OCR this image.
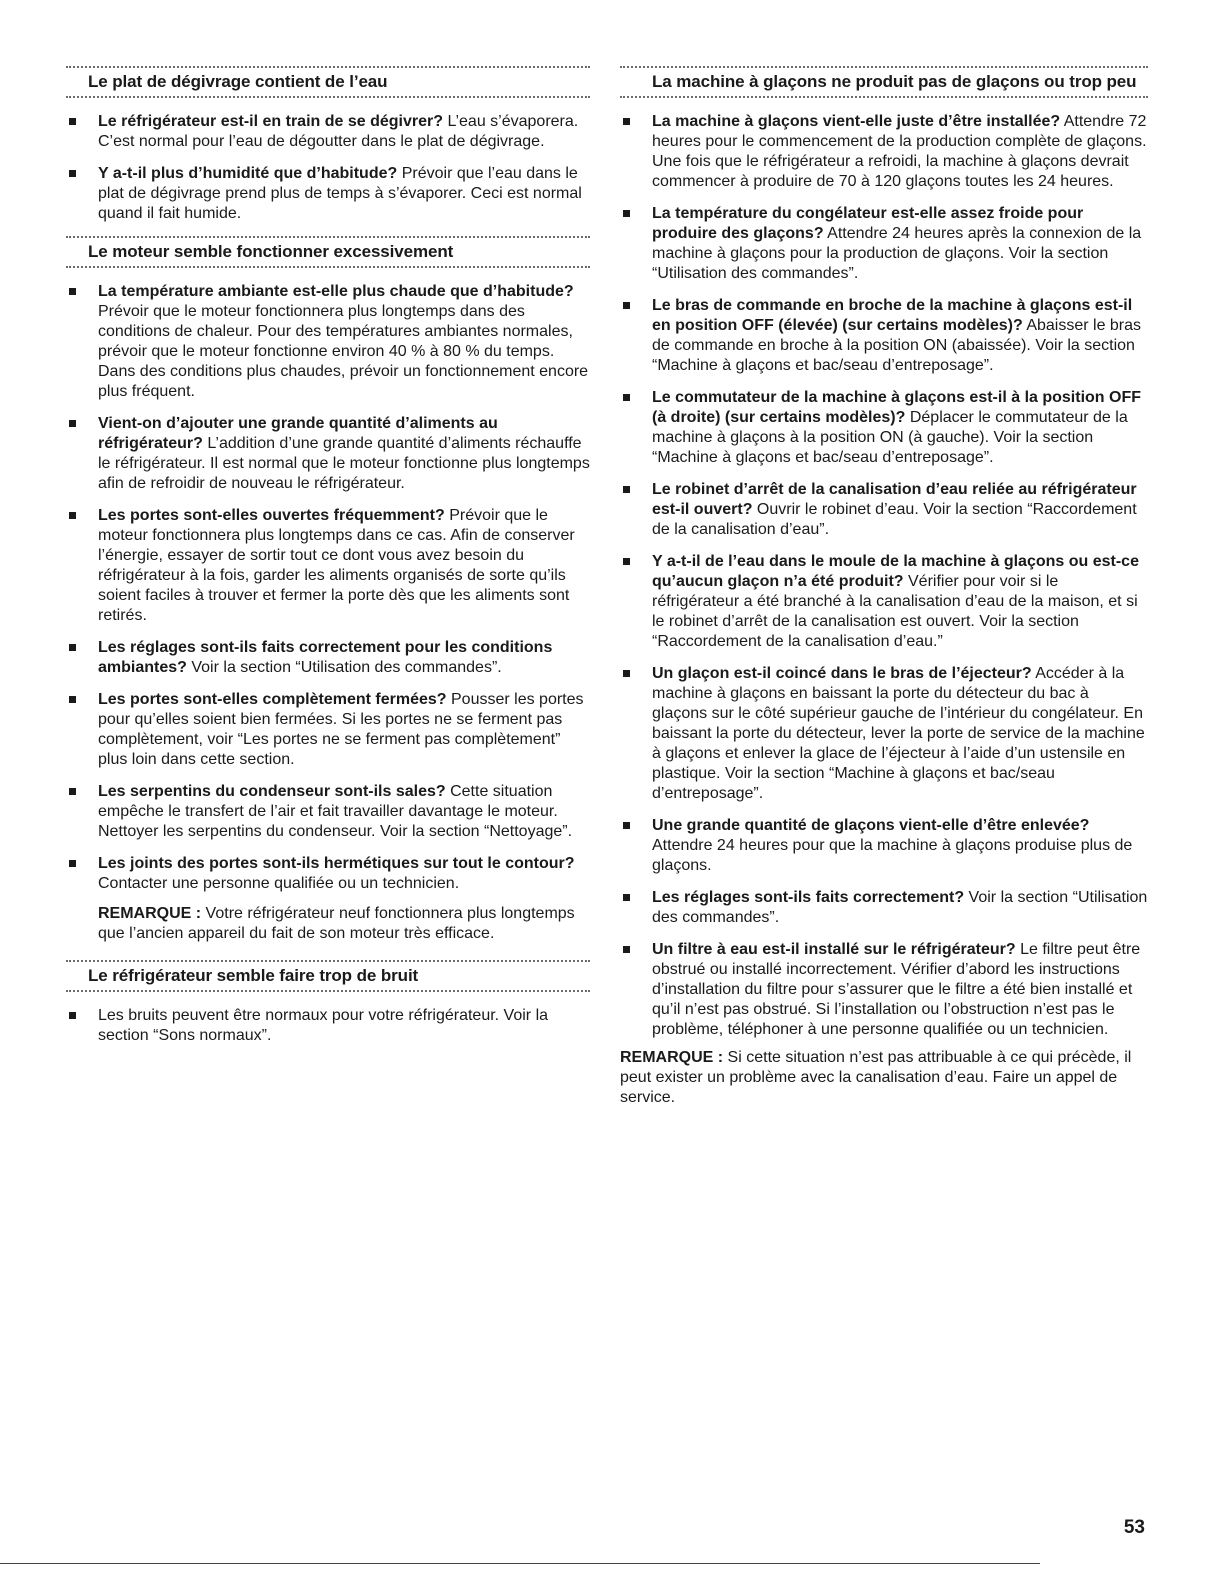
Le plat de dégivrage contient de l’eau
Le réfrigérateur est-il en train de se dégivrer? L’eau s’évaporera. C’est normal pour l’eau de dégoutter dans le plat de dégivrage.
Y a-t-il plus d’humidité que d’habitude? Prévoir que l’eau dans le plat de dégivrage prend plus de temps à s’évaporer. Ceci est normal quand il fait humide.
Le moteur semble fonctionner excessivement
La température ambiante est-elle plus chaude que d’habitude? Prévoir que le moteur fonctionnera plus longtemps dans des conditions de chaleur. Pour des températures ambiantes normales, prévoir que le moteur fonctionne environ 40 % à 80 % du temps. Dans des conditions plus chaudes, prévoir un fonctionnement encore plus fréquent.
Vient-on d’ajouter une grande quantité d’aliments au réfrigérateur? L’addition d’une grande quantité d’aliments réchauffe le réfrigérateur. Il est normal que le moteur fonctionne plus longtemps afin de refroidir de nouveau le réfrigérateur.
Les portes sont-elles ouvertes fréquemment? Prévoir que le moteur fonctionnera plus longtemps dans ce cas. Afin de conserver l’énergie, essayer de sortir tout ce dont vous avez besoin du réfrigérateur à la fois, garder les aliments organisés de sorte qu’ils soient faciles à trouver et fermer la porte dès que les aliments sont retirés.
Les réglages sont-ils faits correctement pour les conditions ambiantes? Voir la section “Utilisation des commandes”.
Les portes sont-elles complètement fermées? Pousser les portes pour qu’elles soient bien fermées. Si les portes ne se ferment pas complètement, voir “Les portes ne se ferment pas complètement” plus loin dans cette section.
Les serpentins du condenseur sont-ils sales? Cette situation empêche le transfert de l’air et fait travailler davantage le moteur. Nettoyer les serpentins du condenseur. Voir la section “Nettoyage”.
Les joints des portes sont-ils hermétiques sur tout le contour? Contacter une personne qualifiée ou un technicien.
REMARQUE : Votre réfrigérateur neuf fonctionnera plus longtemps que l’ancien appareil du fait de son moteur très efficace.
Le réfrigérateur semble faire trop de bruit
Les bruits peuvent être normaux pour votre réfrigérateur. Voir la section “Sons normaux”.
La machine à glaçons ne produit pas de glaçons ou trop peu
La machine à glaçons vient-elle juste d’être installée? Attendre 72 heures pour le commencement de la production complète de glaçons. Une fois que le réfrigérateur a refroidi, la machine à glaçons devrait commencer à produire de 70 à 120 glaçons toutes les 24 heures.
La température du congélateur est-elle assez froide pour produire des glaçons? Attendre 24 heures après la connexion de la machine à glaçons pour la production de glaçons. Voir la section “Utilisation des commandes”.
Le bras de commande en broche de la machine à glaçons est-il en position OFF (élevée) (sur certains modèles)? Abaisser le bras de commande en broche à la position ON (abaissée). Voir la section “Machine à glaçons et bac/seau d’entreposage”.
Le commutateur de la machine à glaçons est-il à la position OFF (à droite) (sur certains modèles)? Déplacer le commutateur de la machine à glaçons à la position ON (à gauche). Voir la section “Machine à glaçons et bac/seau d’entreposage”.
Le robinet d’arrêt de la canalisation d’eau reliée au réfrigérateur est-il ouvert? Ouvrir le robinet d’eau. Voir la section “Raccordement de la canalisation d’eau”.
Y a-t-il de l’eau dans le moule de la machine à glaçons ou est-ce qu’aucun glaçon n’a été produit? Vérifier pour voir si le réfrigérateur a été branché à la canalisation d’eau de la maison, et si le robinet d’arrêt de la canalisation est ouvert. Voir la section “Raccordement de la canalisation d’eau.”
Un glaçon est-il coincé dans le bras de l’éjecteur? Accéder à la machine à glaçons en baissant la porte du détecteur du bac à glaçons sur le côté supérieur gauche de l’intérieur du congélateur. En baissant la porte du détecteur, lever la porte de service de la machine à glaçons et enlever la glace de l’éjecteur à l’aide d’un ustensile en plastique. Voir la section “Machine à glaçons et bac/seau d’entreposage”.
Une grande quantité de glaçons vient-elle d’être enlevée? Attendre 24 heures pour que la machine à glaçons produise plus de glaçons.
Les réglages sont-ils faits correctement? Voir la section “Utilisation des commandes”.
Un filtre à eau est-il installé sur le réfrigérateur? Le filtre peut être obstrué ou installé incorrectement. Vérifier d’abord les instructions d’installation du filtre pour s’assurer que le filtre a été bien installé et qu’il n’est pas obstrué. Si l’installation ou l’obstruction n’est pas le problème, téléphoner à une personne qualifiée ou un technicien.
REMARQUE : Si cette situation n’est pas attribuable à ce qui précède, il peut exister un problème avec la canalisation d’eau. Faire un appel de service.
53
